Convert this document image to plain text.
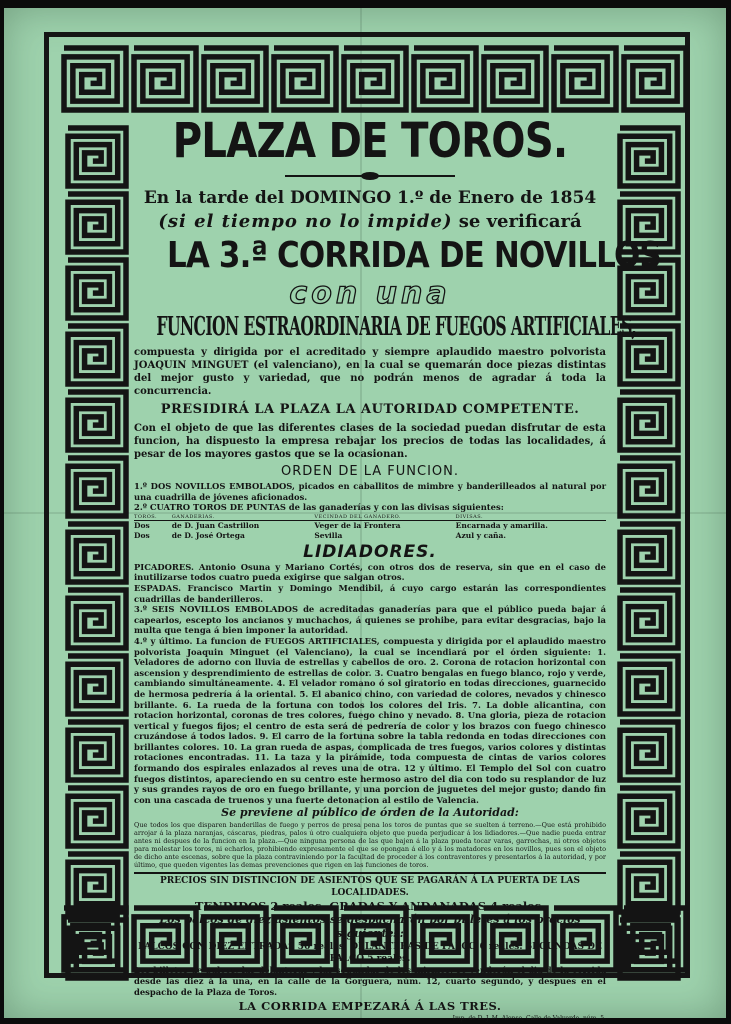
PLAZA DE TOROS.
En la tarde del DOMINGO 1.º de Enero de 1854
(si el tiempo no lo impide) se verificará
LA 3.ª CORRIDA DE NOVILLOS
con una
FUNCION ESTRAORDINARIA DE FUEGOS ARTIFICIALES,

compuesta y dirigida por el acreditado y siempre aplaudido maestro polvorista JOAQUIN MINGUET (el valenciano), en la cual se quemarán doce piezas distintas del mejor gusto y variedad, que no podrán menos de agradar á toda la concurrencia.

PRESIDIRÁ LA PLAZA LA AUTORIDAD COMPETENTE.

Con el objeto de que las diferentes clases de la sociedad puedan disfrutar de esta funcion, ha dispuesto la empresa rebajar los precios de todas las localidades, á pesar de los mayores gastos que se la ocasionan.

ORDEN DE LA FUNCION.

1.º DOS NOVILLOS EMBOLADOS, picados en caballitos de mimbre y banderilleados al natural por una cuadrilla de jóvenes aficionados.

2.º CUATRO TOROS DE PUNTAS de las ganaderías y con las divisas siguientes:

TOROS.	GANADERIAS.	VECINDAD DEL GANADERO.	DIVISAS.
Dos	de D. Juan Castrillon	Veger de la Frontera	Encarnada y amarilla.
Dos	de D. José Ortega	Sevilla	Azul y caña.
LIDIADORES.

PICADORES. Antonio Osuna y Mariano Cortés, con otros dos de reserva, sin que en el caso de inutilizarse todos cuatro pueda exigirse que salgan otros.

ESPADAS. Francisco Martin y Domingo Mendibil, á cuyo cargo estarán las correspondientes cuadrillas de banderilleros.

3.º SEIS NOVILLOS EMBOLADOS de acreditadas ganaderías para que el público pueda bajar á capearlos, escepto los ancianos y muchachos, á quienes se prohibe, para evitar desgracias, bajo la multa que tenga á bien imponer la autoridad.

4.º y último. La funcion de FUEGOS ARTIFICIALES, compuesta y dirigida por el aplaudido maestro polvorista Joaquin Minguet (el Valenciano), la cual se incendiará por el órden siguiente: 1. Veladores de adorno con lluvia de estrellas y cabellos de oro. 2. Corona de rotacion horizontal con ascension y desprendimiento de estrellas de color. 3. Cuatro bengalas en fuego blanco, rojo y verde, cambiando simultáneamente. 4. El velador romano ó sol giratorio en todas direcciones, guarnecido de hermosa pedrería á la oriental. 5. El abanico chino, con variedad de colores, nevados y chinesco brillante. 6. La rueda de la fortuna con todos los colores del Iris. 7. La doble alicantina, con rotacion horizontal, coronas de tres colores, fuego chino y nevado. 8. Una gloria, pieza de rotacion vertical y fuegos fijos; el centro de esta será de pedrería de color y los brazos con fuego chinesco cruzándose á todos lados. 9. El carro de la fortuna sobre la tabla redonda en todas direcciones con brillantes colores. 10. La gran rueda de aspas, complicada de tres fuegos, varios colores y distintas rotaciones encontradas. 11. La taza y la pirámide, toda compuesta de cintas de varios colores formando dos espirales enlazados al reves una de otra. 12 y último. El Templo del Sol con cuatro fuegos distintos, apareciendo en su centro este hermoso astro del dia con todo su resplandor de luz y sus grandes rayos de oro en fuego brillante, y una porcion de juguetes del mejor gusto; dando fin con una cascada de truenos y una fuerte detonacion al estilo de Valencia.

Se previene al público de órden de la Autoridad:

Que todos los que disparen banderillas de fuego y perros de presa pena los toros de puntas que se suelten á terreno.—Que está prohibido arrojar á la plaza naranjas, cáscaras, piedras, palos ú otro cualquiera objeto que pueda perjudicar á los lidiadores.—Que nadie pueda entrar antes ni despues de la funcion en la plaza.—Que ninguna persona de las que bajen á la plaza pueda tocar varas, garrochas, ni otros objetos para molestar los toros, ni echarlos, prohibiendo expresamente el que se opongan á ello y á los matadores en los novillos, pues son el objeto de dicho ante escenas, sobre que la plaza contraviniendo por la facultad de proceder á los contraventores y presentarlos á la autoridad, y por último, que queden vigentes las demas prevenciones que rigen en las funciones de toros.

PRECIOS SIN DISTINCION DE ASIENTOS QUE SE PAGARÁN Á LA PUERTA DE LAS LOCALIDADES.
TENDIDOS 2 reales. GRADAS Y ANDANADAS 4 reales.
Los palcos de diez asientos se despacharán por billetes á los precios siguientes:
PALCOS CON DIEZ ENTRADAS 50 reales. DELANTERAS DE PALCO 6 reales. SEGUNDAS DE PALCO 5 reales.

Los billetes de palcos, las delanteras y las segundas de los mismos, se venderán el dia de la corrida desde las diez á la una, en la calle de la Gorguera, núm. 12, cuarto segundo, y despues en el despacho de la Plaza de Toros.

LA CORRIDA EMPEZARÁ Á LAS TRES.
Imp. de D. J. M. Alonso, Calle de Valverde, núm. 5.
